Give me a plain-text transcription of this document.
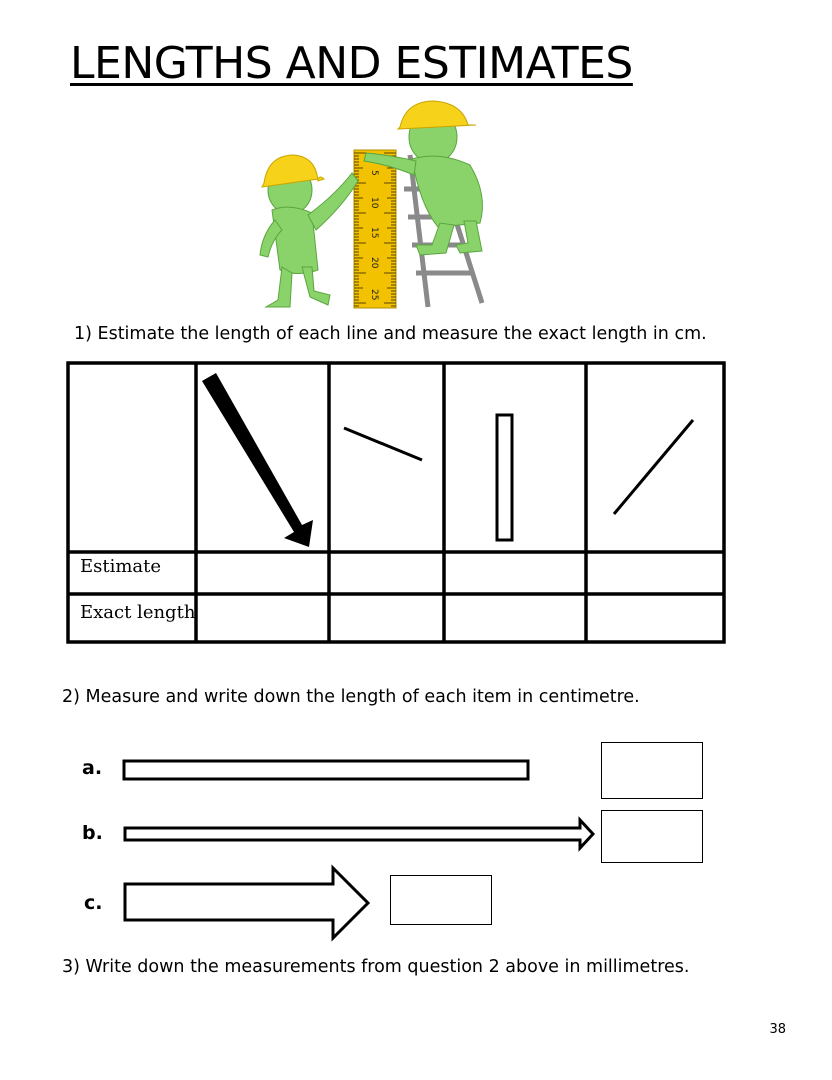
LENGTHS AND ESTIMATES
5
10
15
20
25
1) Estimate the length of each line and measure the exact length in cm.
Estimate
Exact length
2) Measure and write down the length of each item in centimetre.
a.
b.
c.
3) Write down the measurements from question 2 above in millimetres.
38
